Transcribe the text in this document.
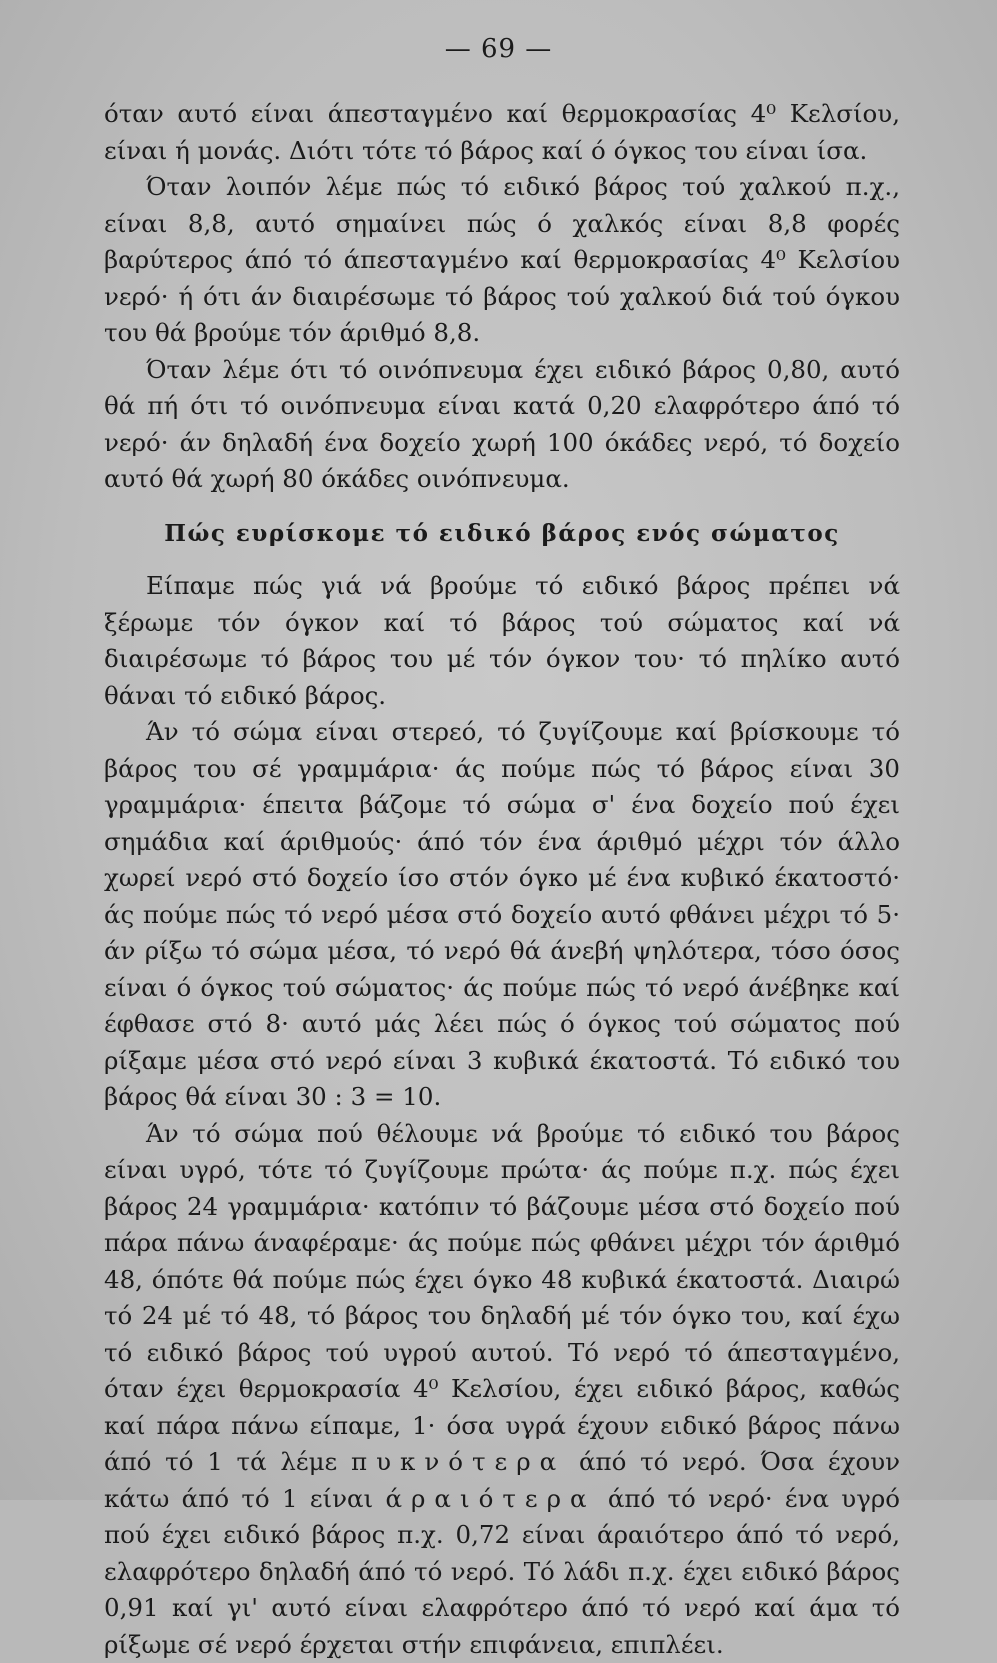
— 69 —

όταν αυτό είναι άπεσταγμένο καί θερμοκρασίας 4⁰ Κελσίου, είναι ή μονάς. Διότι τότε τό βάρος καί ό όγκος του είναι ίσα.

Όταν λοιπόν λέμε πώς τό ειδικό βάρος τού χαλκού π.χ., είναι 8,8, αυτό σημαίνει πώς ό χαλκός είναι 8,8 φορές βαρύτερος άπό τό άπεσταγμένο καί θερμοκρασίας 4⁰ Κελσίου νερό· ή ότι άν διαιρέσωμε τό βάρος τού χαλκού διά τού όγκου του θά βρούμε τόν άριθμό 8,8.

Όταν λέμε ότι τό οινόπνευμα έχει ειδικό βάρος 0,80, αυτό θά πή ότι τό οινόπνευμα είναι κατά 0,20 ελαφρότερο άπό τό νερό· άν δηλαδή ένα δοχείο χωρή 100 όκάδες νερό, τό δοχείο αυτό θά χωρή 80 όκάδες οινόπνευμα.

Πώς ευρίσκομε τό ειδικό βάρος ενός σώματος

Είπαμε πώς γιά νά βρούμε τό ειδικό βάρος πρέπει νά ξέρωμε τόν όγκον καί τό βάρος τού σώματος καί νά διαιρέσωμε τό βάρος του μέ τόν όγκον του· τό πηλίκο αυτό θάναι τό ειδικό βάρος.

Άν τό σώμα είναι στερεό, τό ζυγίζουμε καί βρίσκουμε τό βάρος του σέ γραμμάρια· άς πούμε πώς τό βάρος είναι 30 γραμμάρια· έπειτα βάζομε τό σώμα σ' ένα δοχείο πού έχει σημάδια καί άριθμούς· άπό τόν ένα άριθμό μέχρι τόν άλλο χωρεί νερό στό δοχείο ίσο στόν όγκο μέ ένα κυβικό έκατοστό· άς πούμε πώς τό νερό μέσα στό δοχείο αυτό φθάνει μέχρι τό 5· άν ρίξω τό σώμα μέσα, τό νερό θά άνεβή ψηλότερα, τόσο όσος είναι ό όγκος τού σώματος· άς πούμε πώς τό νερό άνέβηκε καί έφθασε στό 8· αυτό μάς λέει πώς ό όγκος τού σώματος πού ρίξαμε μέσα στό νερό είναι 3 κυβικά έκατοστά. Τό ειδικό του βάρος θά είναι 30 : 3 = 10.

Άν τό σώμα πού θέλουμε νά βρούμε τό ειδικό του βάρος είναι υγρό, τότε τό ζυγίζουμε πρώτα· άς πούμε π.χ. πώς έχει βάρος 24 γραμμάρια· κατόπιν τό βάζουμε μέσα στό δοχείο πού πάρα πάνω άναφέραμε· άς πούμε πώς φθάνει μέχρι τόν άριθμό 48, όπότε θά πούμε πώς έχει όγκο 48 κυβικά έκατοστά. Διαιρώ τό 24 μέ τό 48, τό βάρος του δηλαδή μέ τόν όγκο του, καί έχω τό ειδικό βάρος τού υγρού αυτού. Τό νερό τό άπεσταγμένο, όταν έχει θερμοκρασία 4⁰ Κελσίου, έχει ειδικό βάρος, καθώς καί πάρα πάνω είπαμε, 1· όσα υγρά έχουν ειδικό βάρος πάνω άπό τό 1 τά λέμε πυκνότερα άπό τό νερό. Όσα έχουν κάτω άπό τό 1 είναι άραιότερα άπό τό νερό· ένα υγρό πού έχει ειδικό βάρος π.χ. 0,72 είναι άραιότερο άπό τό νερό, ελαφρότερο δηλαδή άπό τό νερό. Τό λάδι π.χ. έχει ειδικό βάρος 0,91 καί γι' αυτό είναι ελαφρότερο άπό τό νερό καί άμα τό ρίξωμε σέ νερό έρχεται στήν επιφάνεια, επιπλέει.
